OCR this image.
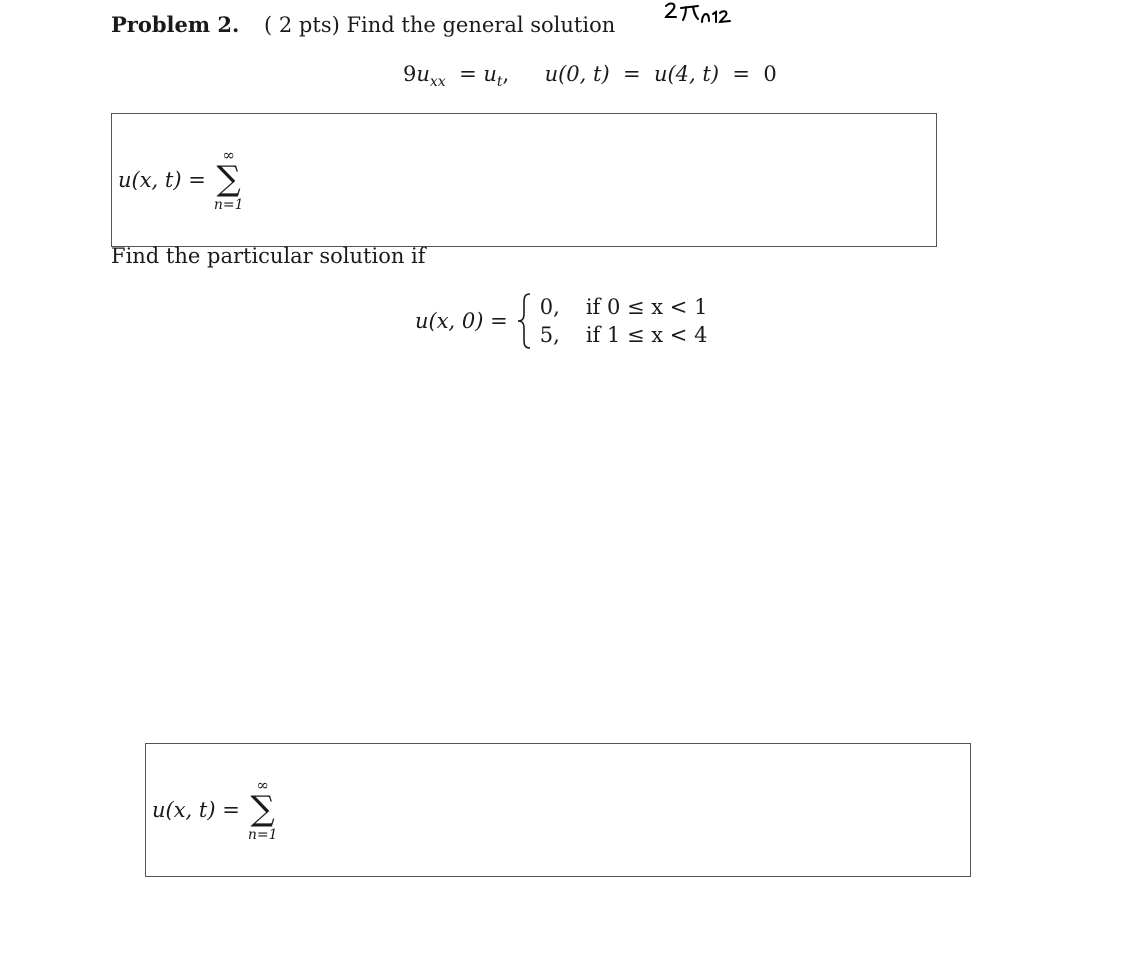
Problem 2. ( 2 pts) Find the general solution
$9u_{xx} = u_t$, u(0, t)  =  u(4, t)  =  0
u(x, t) =
∞
∑
n=1
Find the particular solution if
u(x, 0) =
0, if 0 ≤ x < 1
5, if 1 ≤ x < 4
u(x, t) =
∞
∑
n=1
